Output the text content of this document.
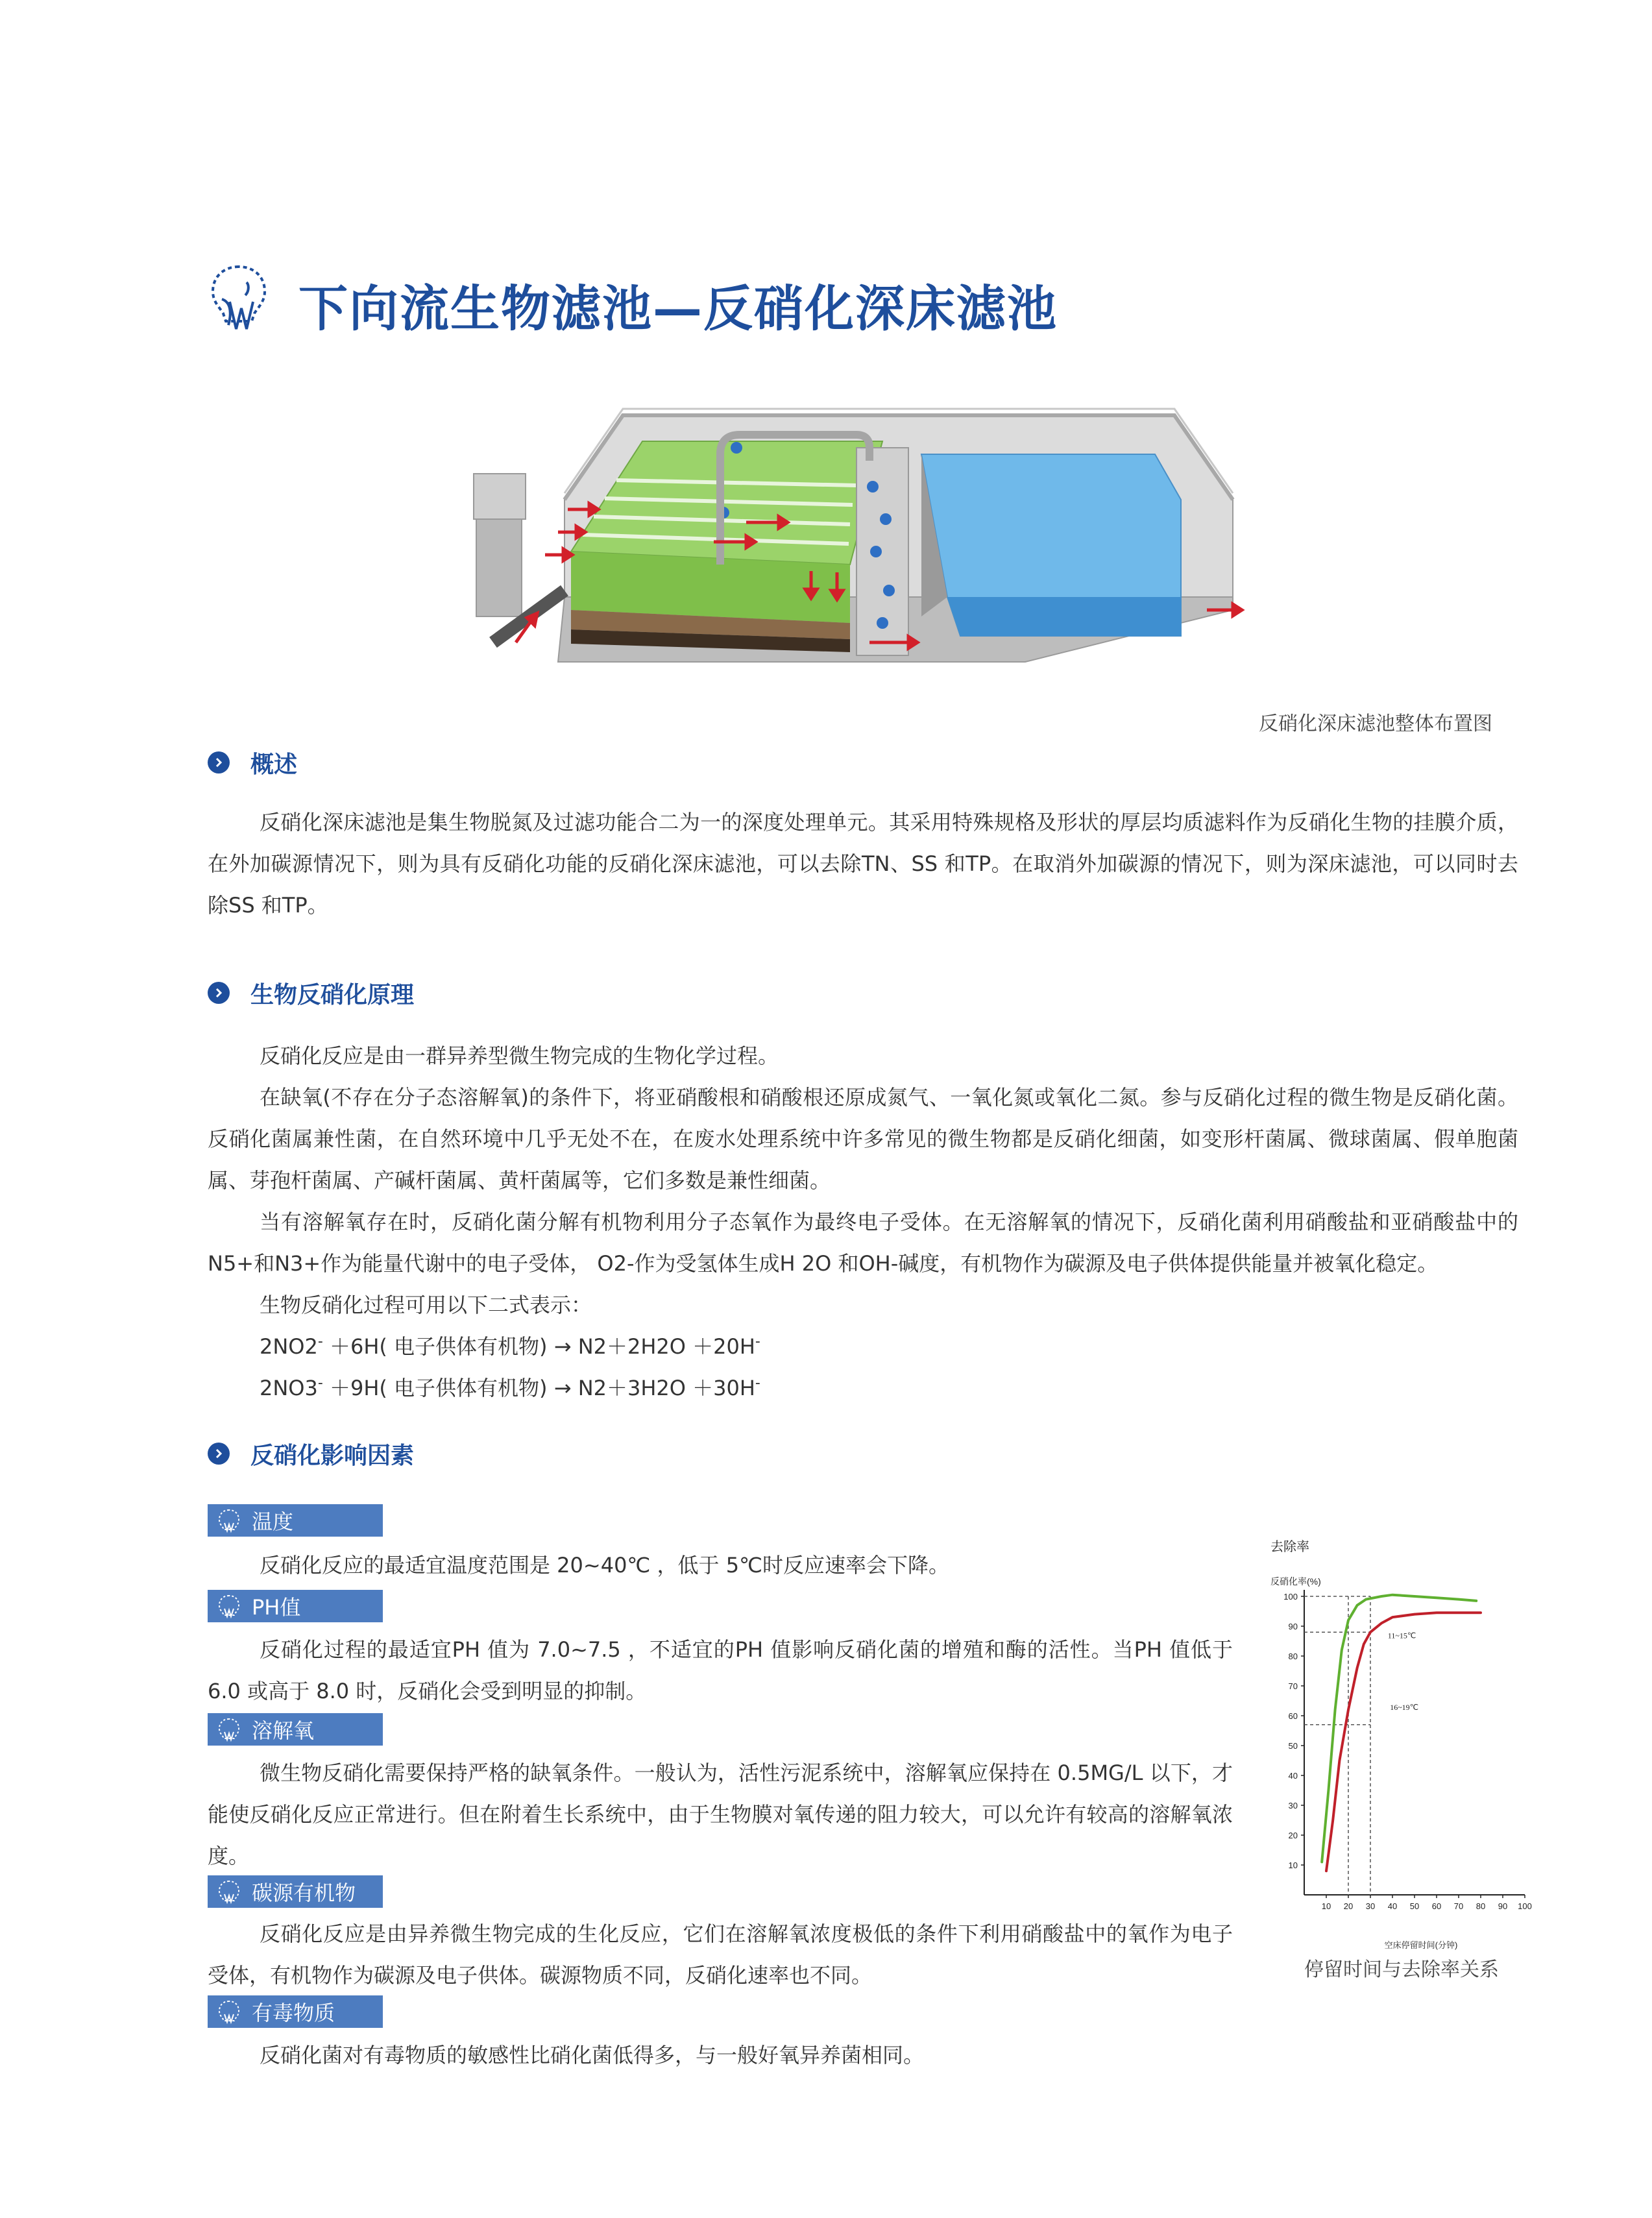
下向流生物滤池—反硝化深床滤池
反硝化深床滤池整体布置图
概述
反硝化深床滤池是集生物脱氮及过滤功能合二为一的深度处理单元。其采用特殊规格及形状的厚层均质滤料作为反硝化生物的挂膜介质，在外加碳源情况下，则为具有反硝化功能的反硝化深床滤池，可以去除TN、SS 和TP。在取消外加碳源的情况下，则为深床滤池，可以同时去除SS 和TP。
生物反硝化原理
反硝化反应是由一群异养型微生物完成的生物化学过程。
在缺氧(不存在分子态溶解氧)的条件下，将亚硝酸根和硝酸根还原成氮气、一氧化氮或氧化二氮。参与反硝化过程的微生物是反硝化菌。反硝化菌属兼性菌，在自然环境中几乎无处不在，在废水处理系统中许多常见的微生物都是反硝化细菌，如变形杆菌属、微球菌属、假单胞菌属、芽孢杆菌属、产碱杆菌属、黄杆菌属等，它们多数是兼性细菌。
当有溶解氧存在时，反硝化菌分解有机物利用分子态氧作为最终电子受体。在无溶解氧的情况下，反硝化菌利用硝酸盐和亚硝酸盐中的N5+和N3+作为能量代谢中的电子受体， O2-作为受氢体生成H 2O 和OH-碱度，有机物作为碳源及电子供体提供能量并被氧化稳定。
生物反硝化过程可用以下二式表示：
2NO2- ＋6H( 电子供体有机物) → N2＋2H2O ＋20H-
2NO3- ＋9H( 电子供体有机物) → N2＋3H2O ＋30H-
反硝化影响因素
温度
反硝化反应的最适宜温度范围是 20~40℃ ，低于 5℃时反应速率会下降。
PH值
反硝化过程的最适宜PH 值为 7.0~7.5 ，不适宜的PH 值影响反硝化菌的增殖和酶的活性。当PH 值低于 6.0 或高于 8.0 时，反硝化会受到明显的抑制。
溶解氧
微生物反硝化需要保持严格的缺氧条件。一般认为，活性污泥系统中，溶解氧应保持在 0.5MG/L 以下，才能使反硝化反应正常进行。但在附着生长系统中，由于生物膜对氧传递的阻力较大，可以允许有较高的溶解氧浓度。
碳源有机物
反硝化反应是由异养微生物完成的生化反应，它们在溶解氧浓度极低的条件下利用硝酸盐中的氧作为电子受体，有机物作为碳源及电子供体。碳源物质不同，反硝化速率也不同。
有毒物质
反硝化菌对有毒物质的敏感性比硝化菌低得多，与一般好氧异养菌相同。
去除率
反硝化率(%)
空床停留时间(分钟)
10
20
30
40
50
60
70
80
90
100
10 20 30 40 50 60 70 80 90 100
11~15℃
16~19℃
停留时间与去除率关系
